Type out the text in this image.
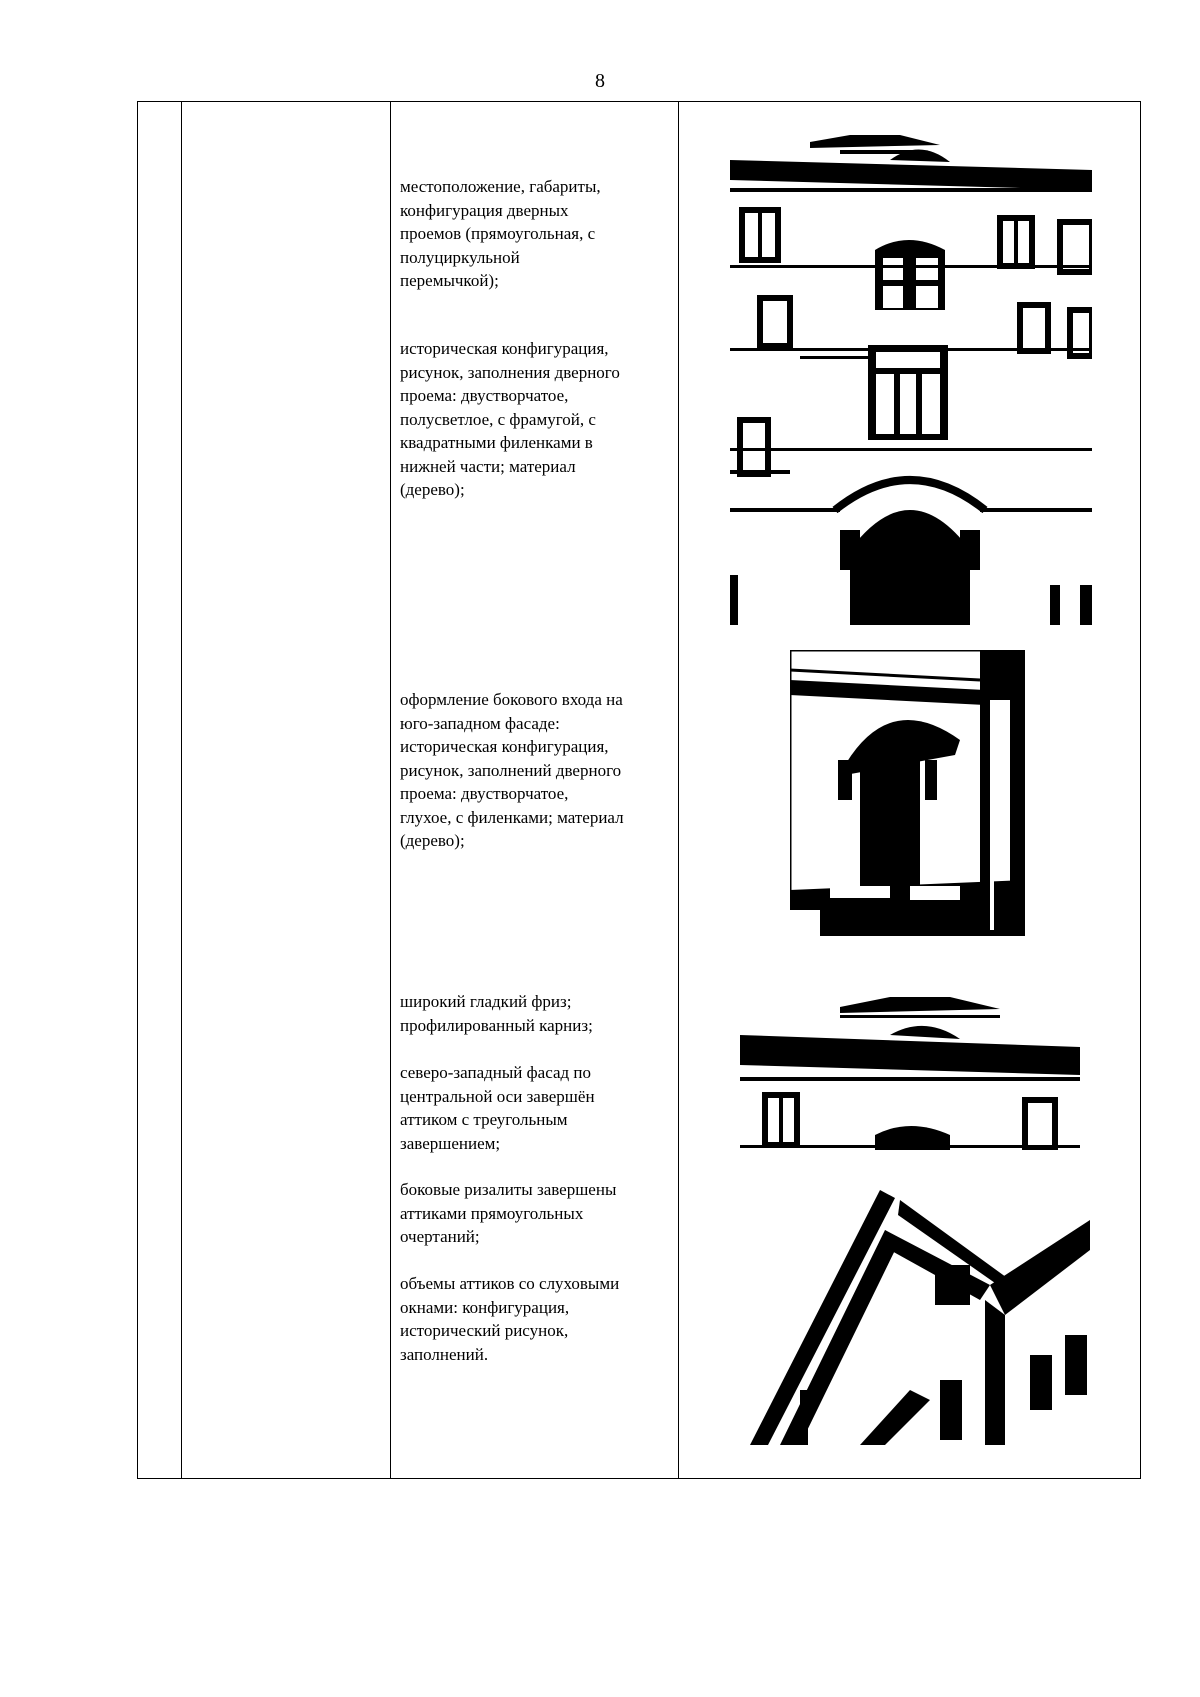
8

местоположение, габариты,

конфигурация дверных

проемов (прямоугольная, с

полуциркульной

перемычкой);

историческая конфигурация,

рисунок, заполнения дверного

проема: двустворчатое,

полусветлое, с фрамугой, с

квадратными филенками в

нижней части; материал

(дерево);

оформление бокового входа на

юго-западном фасаде:

историческая конфигурация,

рисунок, заполнений дверного

проема: двустворчатое,

глухое, с филенками; материал

(дерево);

широкий гладкий фриз;

профилированный карниз;

северо-западный фасад по

центральной оси завершён

аттиком с треугольным

завершением;

боковые ризалиты завершены

аттиками прямоугольных

очертаний;

объемы аттиков со слуховыми

окнами: конфигурация,

исторический рисунок,

заполнений.
